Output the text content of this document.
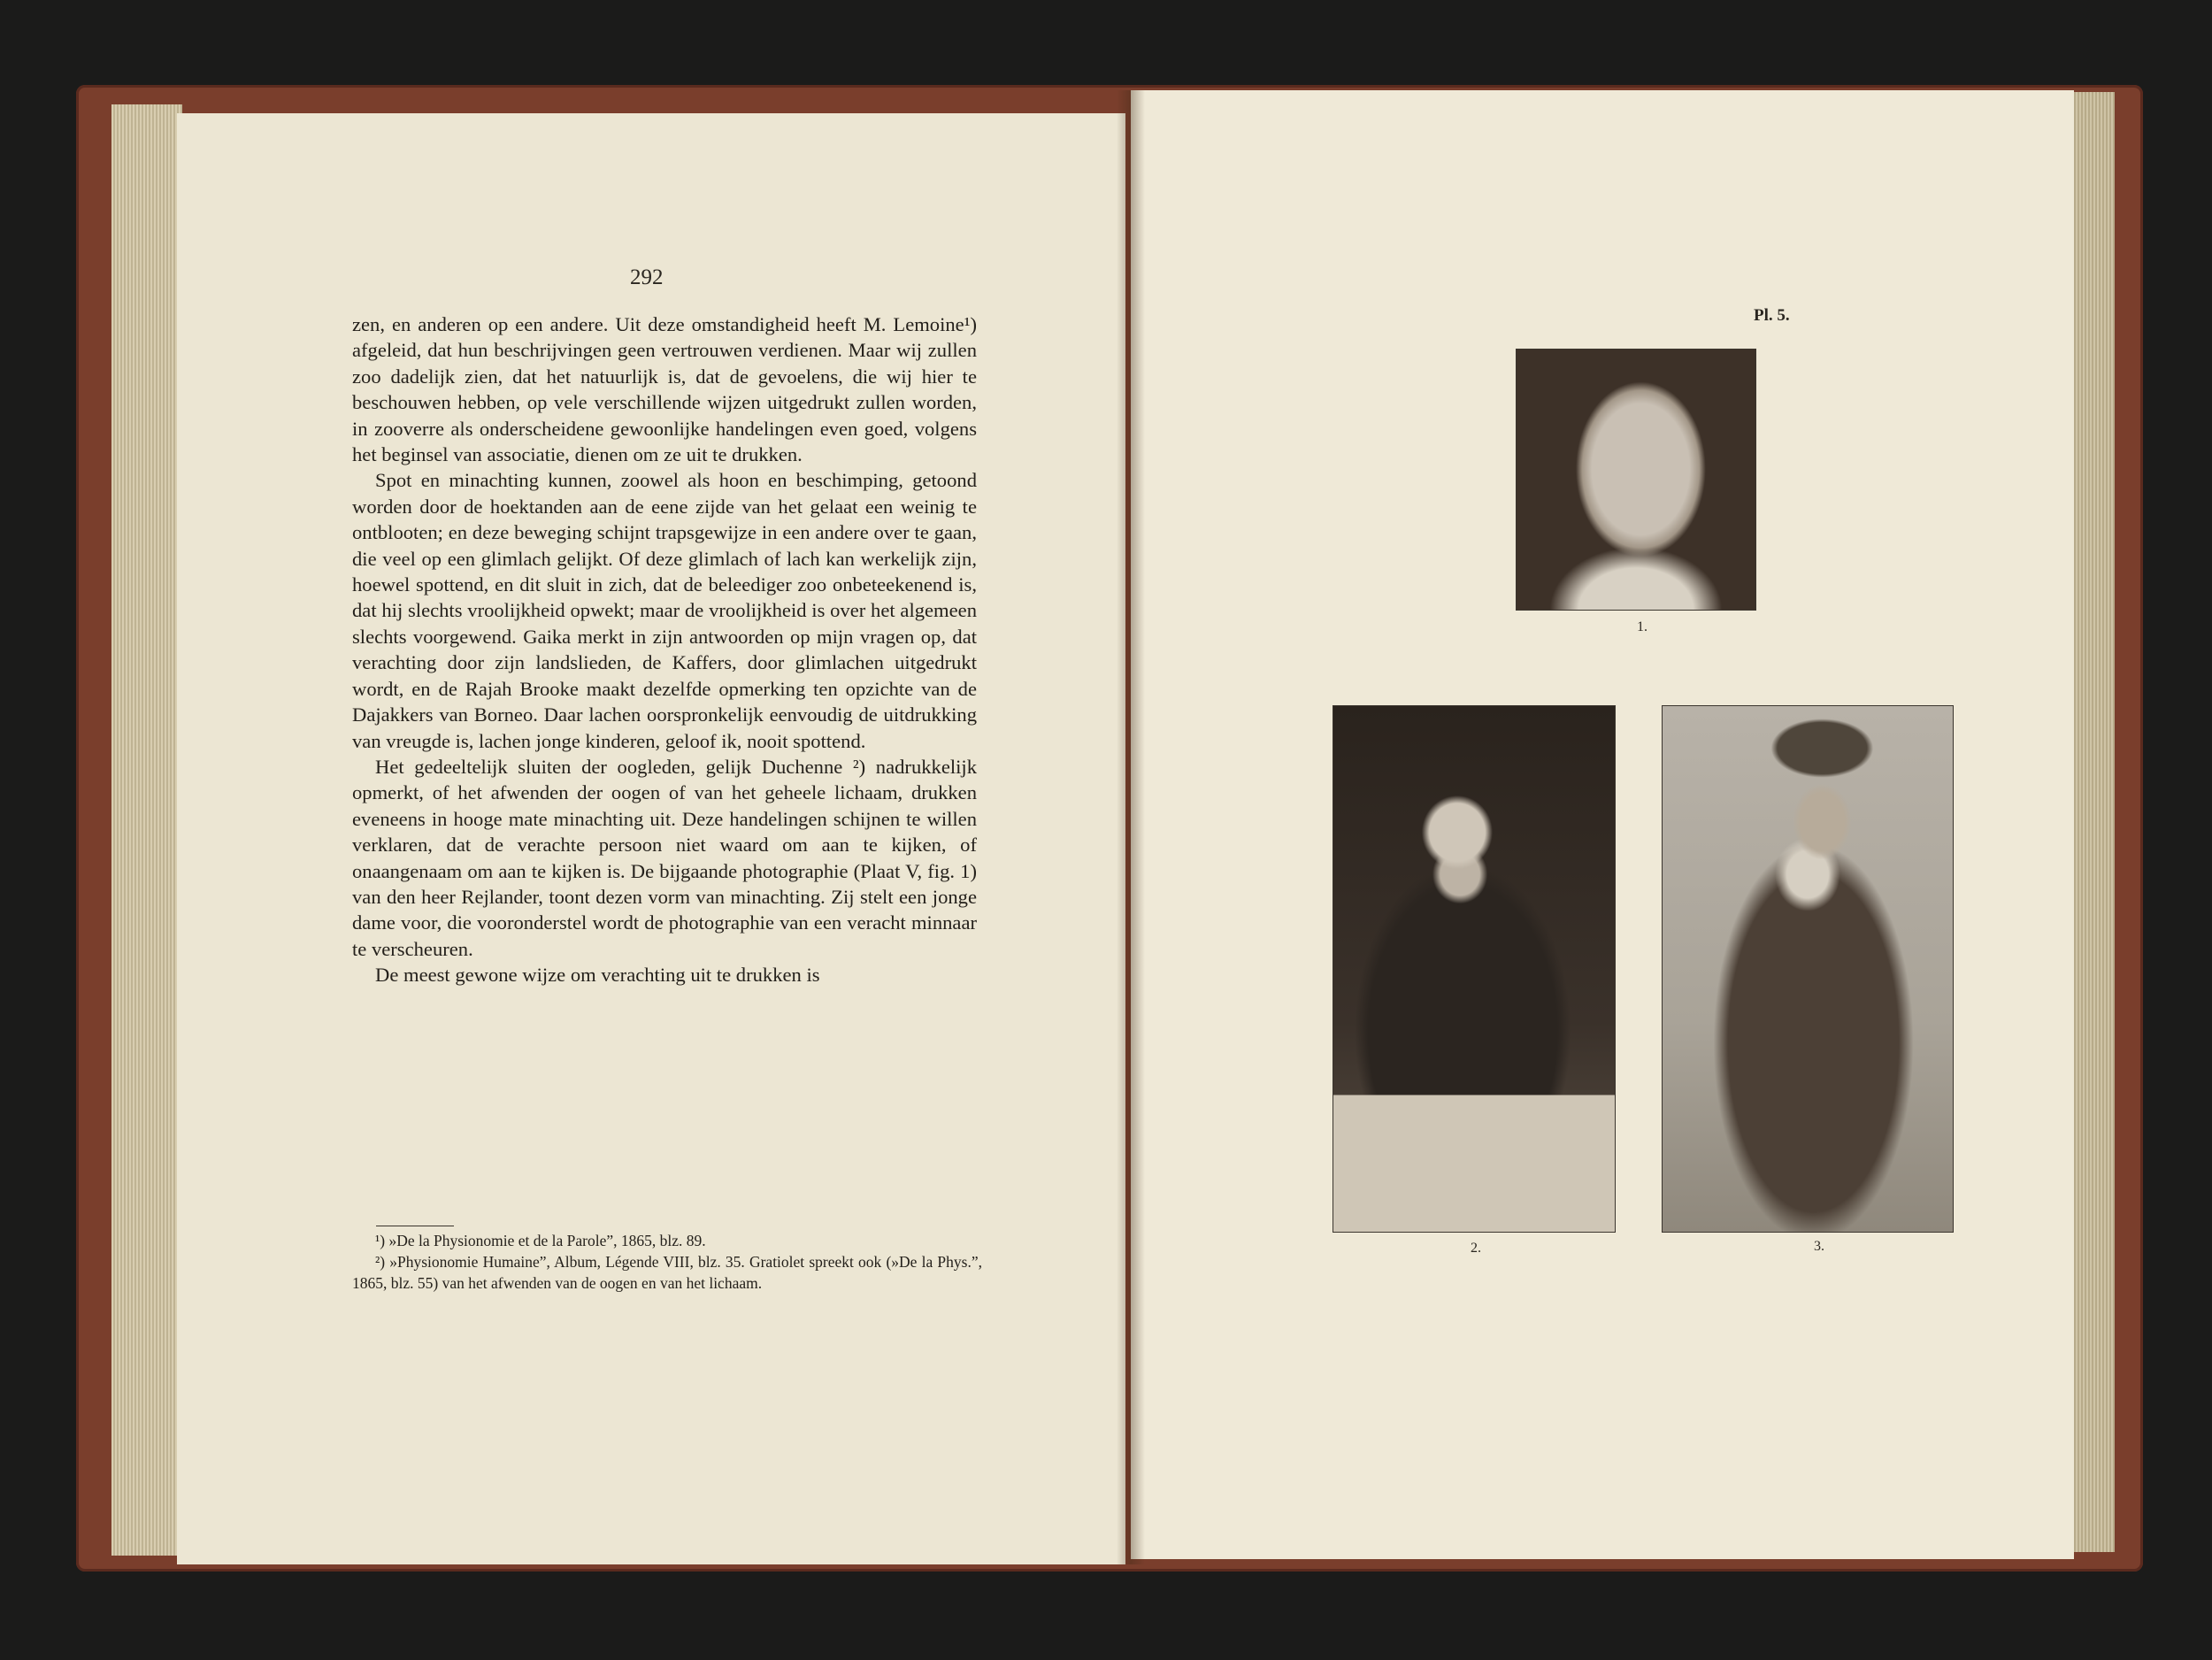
292

zen, en anderen op een andere. Uit deze omstandigheid heeft M. Lemoine¹) afgeleid, dat hun beschrijvingen geen vertrouwen verdienen. Maar wij zullen zoo dadelijk zien, dat het natuurlijk is, dat de gevoelens, die wij hier te beschouwen hebben, op vele verschillende wijzen uitgedrukt zullen worden, in zooverre als onderscheidene gewoonlijke handelingen even goed, volgens het beginsel van associatie, dienen om ze uit te drukken.

Spot en minachting kunnen, zoowel als hoon en beschimping, getoond worden door de hoektanden aan de eene zijde van het gelaat een weinig te ontblooten; en deze beweging schijnt trapsgewijze in een andere over te gaan, die veel op een glimlach gelijkt. Of deze glimlach of lach kan werkelijk zijn, hoewel spottend, en dit sluit in zich, dat de beleediger zoo onbeteekenend is, dat hij slechts vroolijkheid opwekt; maar de vroolijkheid is over het algemeen slechts voorgewend. Gaika merkt in zijn antwoorden op mijn vragen op, dat verachting door zijn landslieden, de Kaffers, door glimlachen uitgedrukt wordt, en de Rajah Brooke maakt dezelfde opmerking ten opzichte van de Dajakkers van Borneo. Daar lachen oorspronkelijk eenvoudig de uitdrukking van vreugde is, lachen jonge kinderen, geloof ik, nooit spottend.

Het gedeeltelijk sluiten der oogleden, gelijk Duchenne ²) nadrukkelijk opmerkt, of het afwenden der oogen of van het geheele lichaam, drukken eveneens in hooge mate minachting uit. Deze handelingen schijnen te willen verklaren, dat de verachte persoon niet waard om aan te kijken, of onaangenaam om aan te kijken is. De bijgaande photographie (Plaat V, fig. 1) van den heer Rejlander, toont dezen vorm van minachting. Zij stelt een jonge dame voor, die vooronderstel wordt de photographie van een veracht minnaar te verscheuren.

De meest gewone wijze om verachting uit te drukken is

¹) »De la Physionomie et de la Parole”, 1865, blz. 89.

²) »Physionomie Humaine”, Album, Légende VIII, blz. 35. Gratiolet spreekt ook (»De la Phys.”, 1865, blz. 55) van het afwenden van de oogen en van het lichaam.

Pl. 5.
1.
2.	3.
